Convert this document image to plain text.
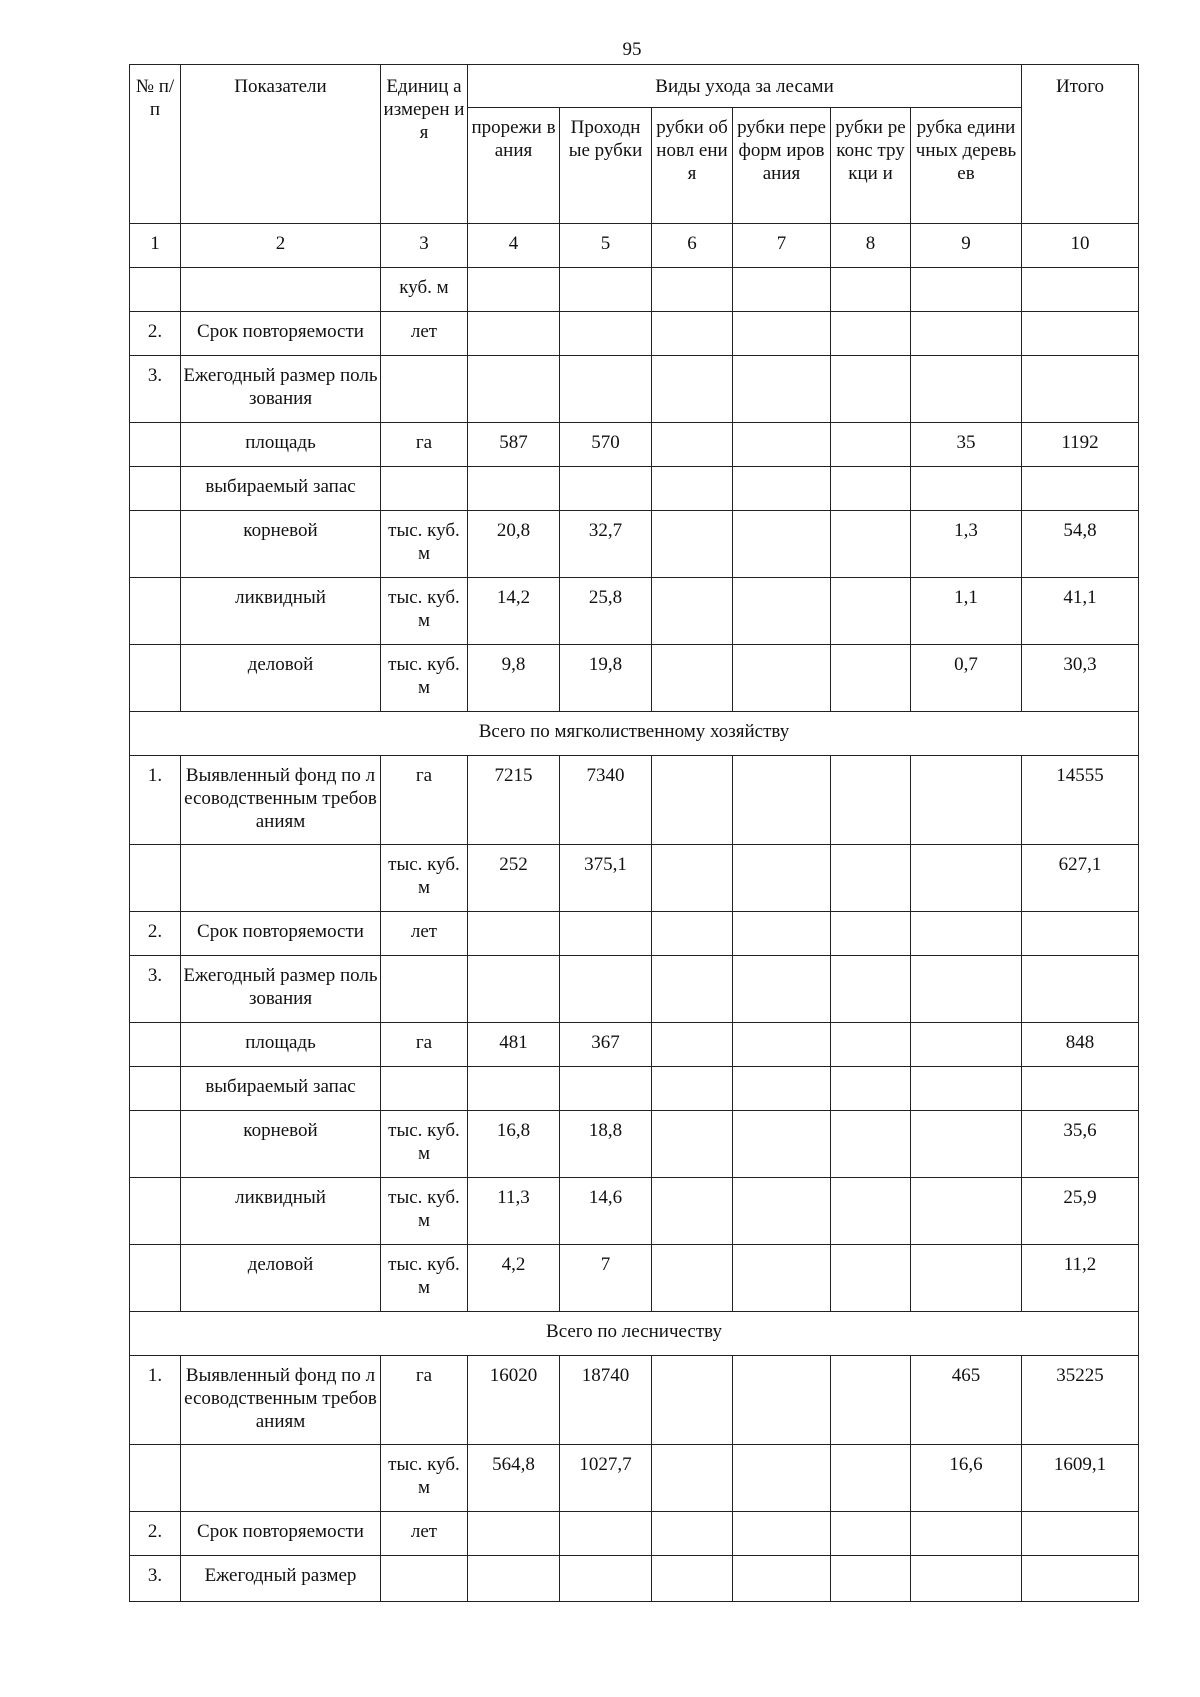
95
№ п/п	Показатели	Единиц а измерен ия	Виды ухода за лесами						Итого
			прорежи вания	Проходн ые рубки	рубки обновл ения	рубки переформ ирования	рубки реконс трукци и	рубка единичных деревьев	
1	2	3	4	5	6	7	8	9	10
		куб. м							
2.	Срок повторяемости	лет							
3.	Ежегодный размер пользования								
	площадь	га	587	570				35	1192
	выбираемый запас								
	корневой	тыс. куб. м	20,8	32,7				1,3	54,8
	ликвидный	тыс. куб. м	14,2	25,8				1,1	41,1
	деловой	тыс. куб. м	9,8	19,8				0,7	30,3
Всего по мягколиственному хозяйству									
1.	Выявленный фонд по лесоводственным требованиям	га	7215	7340					14555
		тыс. куб. м	252	375,1					627,1
2.	Срок повторяемости	лет							
3.	Ежегодный размер пользования								
	площадь	га	481	367					848
	выбираемый запас								
	корневой	тыс. куб. м	16,8	18,8					35,6
	ликвидный	тыс. куб. м	11,3	14,6					25,9
	деловой	тыс. куб. м	4,2	7					11,2
Всего по лесничеству									
1.	Выявленный фонд по лесоводственным требованиям	га	16020	18740				465	35225
		тыс. куб. м	564,8	1027,7				16,6	1609,1
2.	Срок повторяемости	лет							
3.	Ежегодный размер								
